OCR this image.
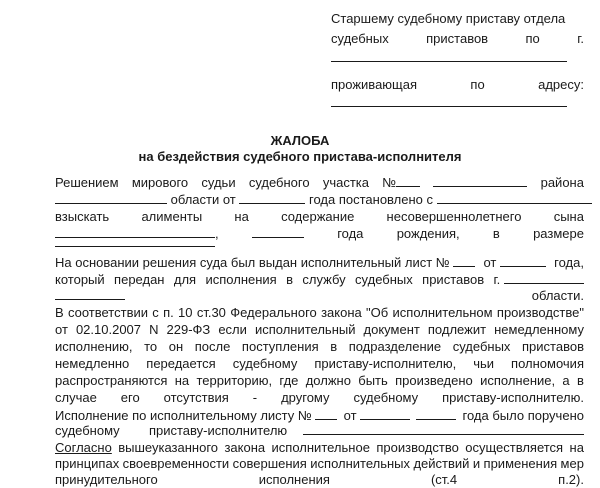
Старшему судебному приставу отдела
судебных	приставов	по	г.
проживающая	по	адресу:
ЖАЛОБА
на бездействия судебного пристава-исполнителя
Решением мирового судьи судебного участка №	района
области от	года постановлено с
взыскать алименты на содержание несовершеннолетнего сына
,	года	рождения,	в	размере
На основании решения суда был выдан исполнительный лист №	от	года,
который передан для исполнения в службу судебных приставов г.
области.
В соответствии с п. 10 ст.30 Федерального закона "Об исполнительном производстве"
от 02.10.2007 N 229-ФЗ если исполнительный документ подлежит немедленному
исполнению, то он после поступления в подразделение судебных приставов
немедленно передается судебному приставу-исполнителю, чьи полномочия
распространяются на территорию, где должно быть произведено исполнение, а в
случае его отсутствия - другому судебному приставу-исполнителю.
Исполнение по исполнительному листу №	от	года было поручено
судебному приставу-исполнителю
Согласно вышеуказанного закона исполнительное производство осуществляется на
принципах своевременности совершения исполнительных действий и применения мер
принудительного	исполнения	(ст.4	п.2).
